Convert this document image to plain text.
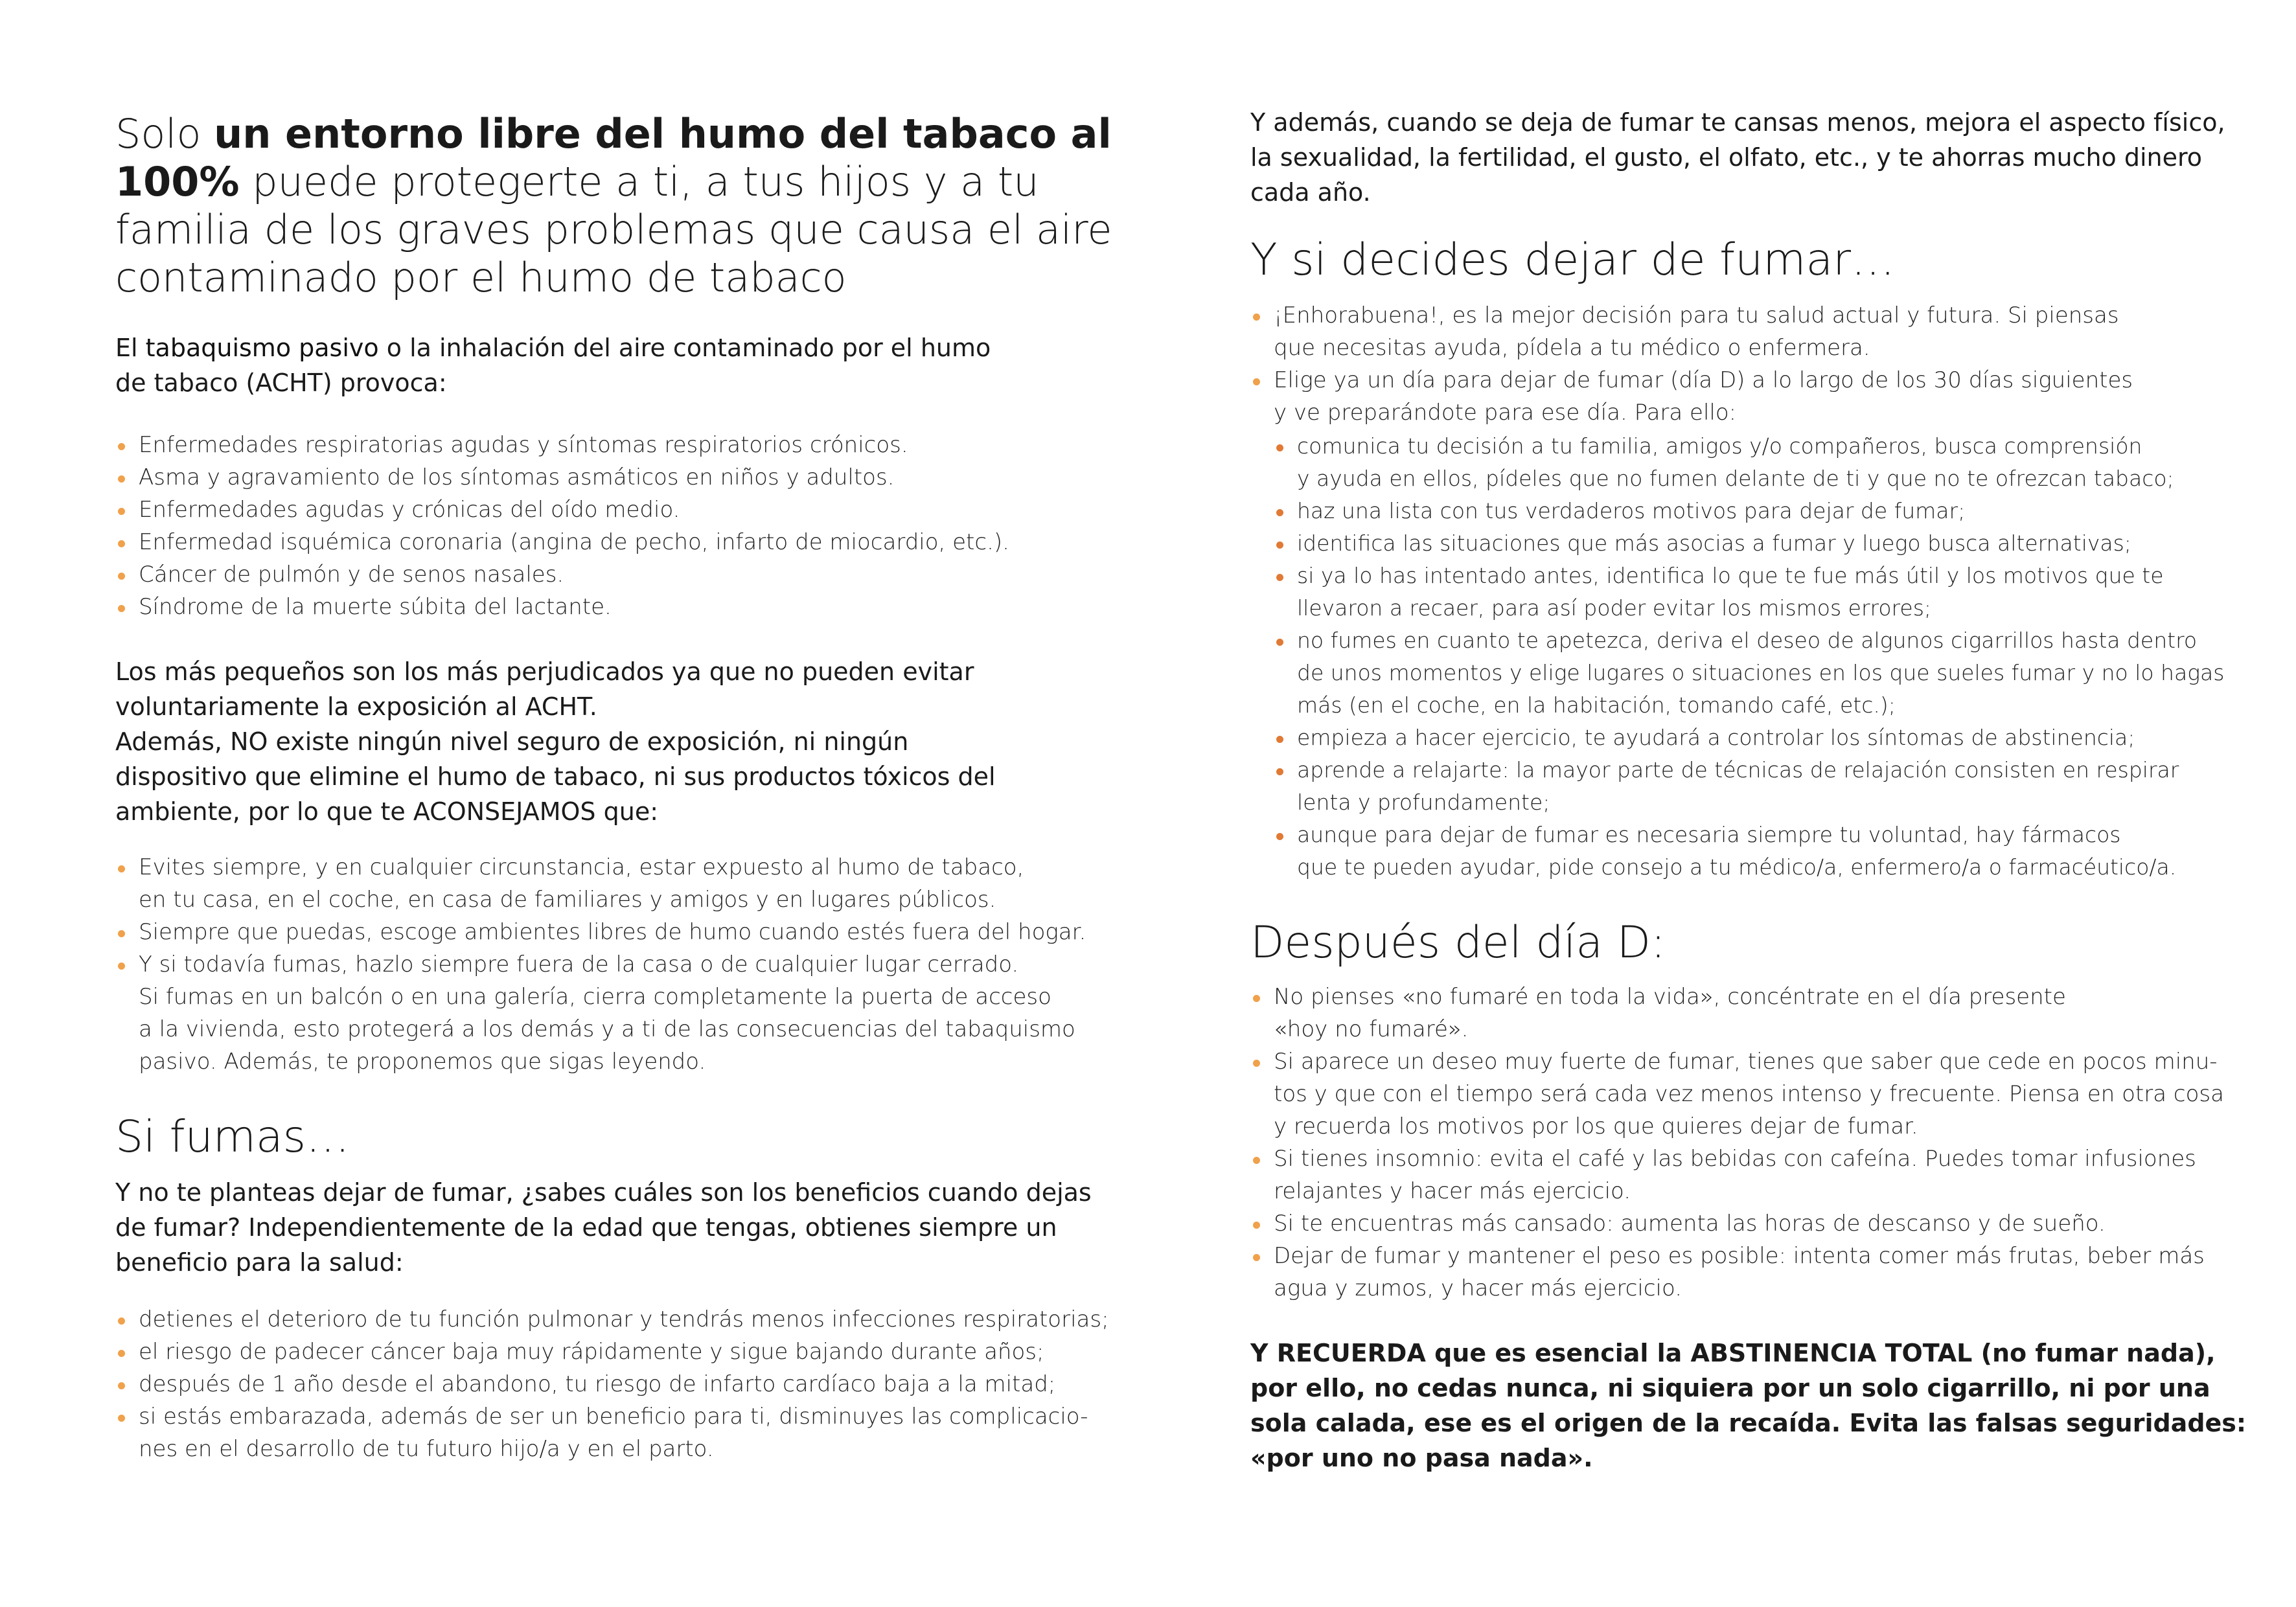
Solo un entorno libre del humo del tabaco al
100% puede protegerte a ti, a tus hijos y a tu
familia de los graves problemas que causa el aire
contaminado por el humo de tabaco

El tabaquismo pasivo o la inhalación del aire contaminado por el humo
de tabaco (ACHT) provoca:

Enfermedades respiratorias agudas y síntomas respiratorios crónicos.
Asma y agravamiento de los síntomas asmáticos en niños y adultos.
Enfermedades agudas y crónicas del oído medio.
Enfermedad isquémica coronaria (angina de pecho, infarto de miocardio, etc.).
Cáncer de pulmón y de senos nasales.
Síndrome de la muerte súbita del lactante.

Los más pequeños son los más perjudicados ya que no pueden evitar
voluntariamente la exposición al ACHT.
Además, NO existe ningún nivel seguro de exposición, ni ningún
dispositivo que elimine el humo de tabaco, ni sus productos tóxicos del
ambiente, por lo que te ACONSEJAMOS que:

Evites siempre, y en cualquier circunstancia, estar expuesto al humo de tabaco,
en tu casa, en el coche, en casa de familiares y amigos y en lugares públicos.
Siempre que puedas, escoge ambientes libres de humo cuando estés fuera del hogar.
Y si todavía fumas, hazlo siempre fuera de la casa o de cualquier lugar cerrado.
Si fumas en un balcón o en una galería, cierra completamente la puerta de acceso
a la vivienda, esto protegerá a los demás y a ti de las consecuencias del tabaquismo
pasivo. Además, te proponemos que sigas leyendo.
Si fumas…

Y no te planteas dejar de fumar, ¿sabes cuáles son los beneficios cuando dejas
de fumar? Independientemente de la edad que tengas, obtienes siempre un
beneficio para la salud:

detienes el deterioro de tu función pulmonar y tendrás menos infecciones respiratorias;
el riesgo de padecer cáncer baja muy rápidamente y sigue bajando durante años;
después de 1 año desde el abandono, tu riesgo de infarto cardíaco baja a la mitad;
si estás embarazada, además de ser un beneficio para ti, disminuyes las complicacio-
nes en el desarrollo de tu futuro hijo/a y en el parto.

Y además, cuando se deja de fumar te cansas menos, mejora el aspecto físico,
la sexualidad, la fertilidad, el gusto, el olfato, etc., y te ahorras mucho dinero
cada año.

Y si decides dejar de fumar…
¡Enhorabuena!, es la mejor decisión para tu salud actual y futura. Si piensas
que necesitas ayuda, pídela a tu médico o enfermera.
Elige ya un día para dejar de fumar (día D) a lo largo de los 30 días siguientes
y ve preparándote para ese día. Para ello:
comunica tu decisión a tu familia, amigos y/o compañeros, busca comprensión
y ayuda en ellos, pídeles que no fumen delante de ti y que no te ofrezcan tabaco;
haz una lista con tus verdaderos motivos para dejar de fumar;
identifica las situaciones que más asocias a fumar y luego busca alternativas;
si ya lo has intentado antes, identifica lo que te fue más útil y los motivos que te
llevaron a recaer, para así poder evitar los mismos errores;
no fumes en cuanto te apetezca, deriva el deseo de algunos cigarrillos hasta dentro
de unos momentos y elige lugares o situaciones en los que sueles fumar y no lo hagas
más (en el coche, en la habitación, tomando café, etc.);
empieza a hacer ejercicio, te ayudará a controlar los síntomas de abstinencia;
aprende a relajarte: la mayor parte de técnicas de relajación consisten en respirar
lenta y profundamente;
aunque para dejar de fumar es necesaria siempre tu voluntad, hay fármacos
que te pueden ayudar, pide consejo a tu médico/a, enfermero/a o farmacéutico/a.
Después del día D:
No pienses «no fumaré en toda la vida», concéntrate en el día presente
«hoy no fumaré».
Si aparece un deseo muy fuerte de fumar, tienes que saber que cede en pocos minu-
tos y que con el tiempo será cada vez menos intenso y frecuente. Piensa en otra cosa
y recuerda los motivos por los que quieres dejar de fumar.
Si tienes insomnio: evita el café y las bebidas con cafeína. Puedes tomar infusiones
relajantes y hacer más ejercicio.
Si te encuentras más cansado: aumenta las horas de descanso y de sueño.
Dejar de fumar y mantener el peso es posible: intenta comer más frutas, beber más
agua y zumos, y hacer más ejercicio.

Y RECUERDA que es esencial la ABSTINENCIA TOTAL (no fumar nada),
por ello, no cedas nunca, ni siquiera por un solo cigarrillo, ni por una
sola calada, ese es el origen de la recaída. Evita las falsas seguridades:
«por uno no pasa nada».
